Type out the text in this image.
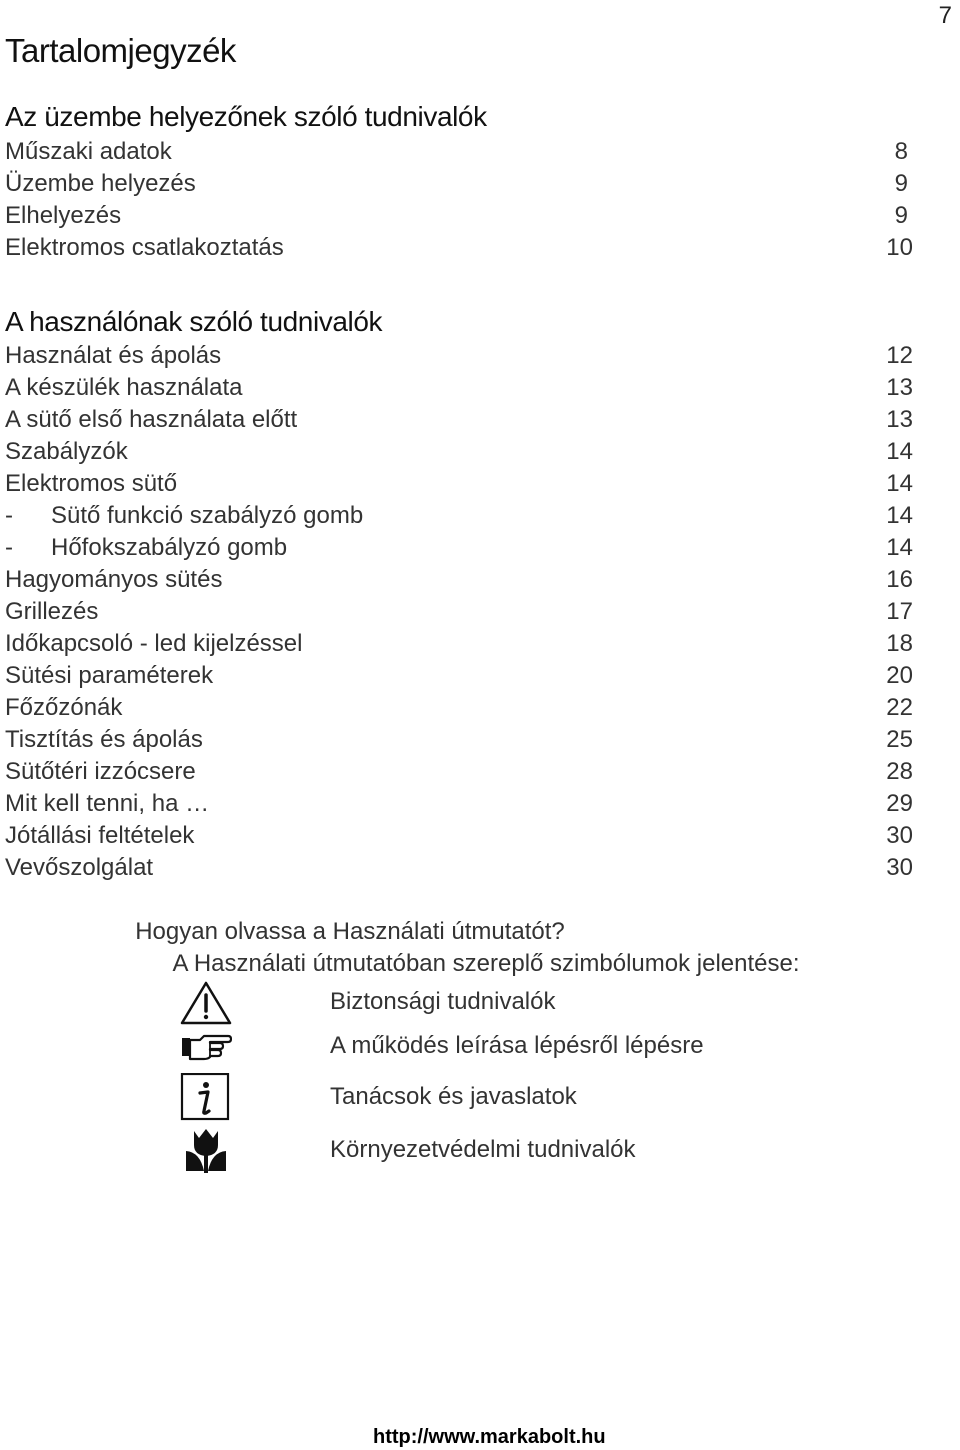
7
Tartalomjegyzék
Az üzembe helyezőnek szóló tudnivalók
Műszaki adatok	8
Üzembe helyezés	9
Elhelyezés	9
Elektromos csatlakoztatás	10
A használónak szóló tudnivalók
Használat és ápolás	12
A készülék használata	13
A sütő első használata előtt	13
Szabályzók	14
Elektromos sütő	14
- Sütő funkció szabályzó gomb	14
- Hőfokszabályzó gomb	14
Hagyományos sütés	16
Grillezés	17
Időkapcsoló - led kijelzéssel	18
Sütési paraméterek	20
Főzőzónák	22
Tisztítás és ápolás	25
Sütőtéri izzócsere	28
Mit kell tenni, ha …	29
Jótállási feltételek	30
Vevőszolgálat	30
Hogyan olvassa a Használati útmutatót?
A Használati útmutatóban szereplő szimbólumok jelentése:
Biztonsági tudnivalók
A működés leírása lépésről lépésre
Tanácsok és javaslatok
Környezetvédelmi tudnivalók
http://www.markabolt.hu
